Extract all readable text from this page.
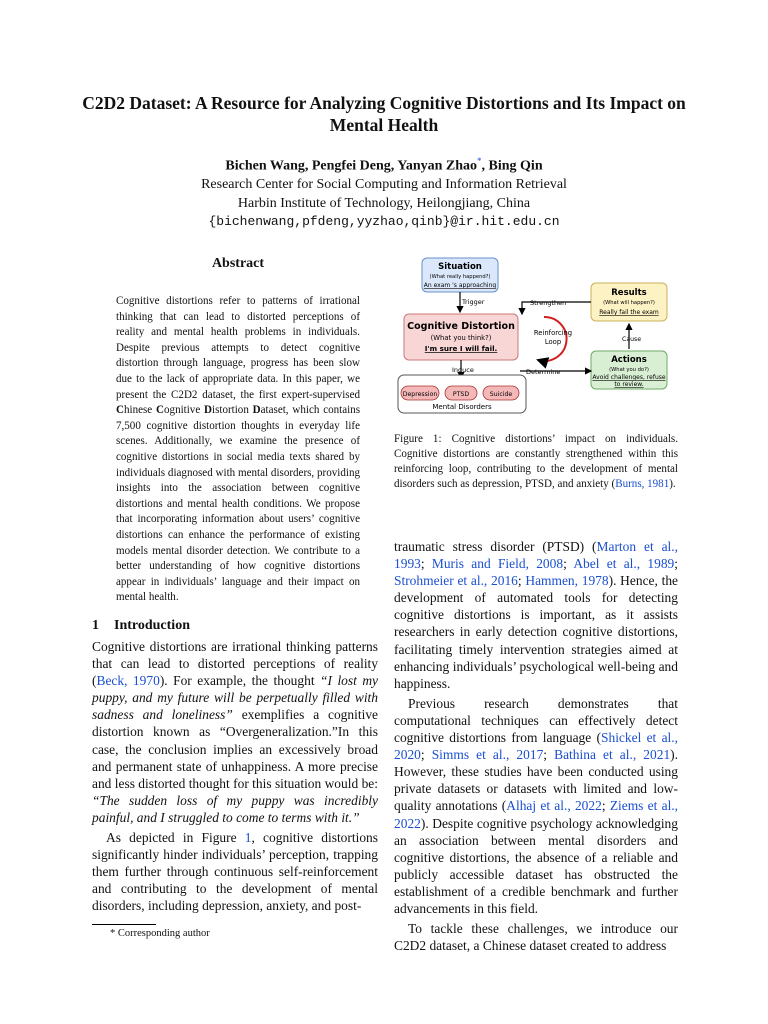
C2D2 Dataset: A Resource for Analyzing Cognitive Distortions and Its Impact on Mental Health
Bichen Wang, Pengfei Deng, Yanyan Zhao*, Bing Qin
Research Center for Social Computing and Information Retrieval
Harbin Institute of Technology, Heilongjiang, China
{bichenwang,pfdeng,yyzhao,qinb}@ir.hit.edu.cn
Abstract
Cognitive distortions refer to patterns of irrational thinking that can lead to distorted perceptions of reality and mental health problems in individuals. Despite previous attempts to detect cognitive distortion through language, progress has been slow due to the lack of appropriate data. In this paper, we present the C2D2 dataset, the first expert-supervised Chinese Cognitive Distortion Dataset, which contains 7,500 cognitive distortion thoughts in everyday life scenes. Additionally, we examine the presence of cognitive distortions in social media texts shared by individuals diagnosed with mental disorders, providing insights into the association between cognitive distortions and mental health conditions. We propose that incorporating information about users’ cognitive distortions can enhance the performance of existing models mental disorder detection. We contribute to a better understanding of how cognitive distortions appear in individuals’ language and their impact on mental health.
1 Introduction

Cognitive distortions are irrational thinking patterns that can lead to distorted perceptions of reality (Beck, 1970). For example, the thought “I lost my puppy, and my future will be perpetually filled with sadness and loneliness” exemplifies a cognitive distortion known as “Overgeneralization.”In this case, the conclusion implies an excessively broad and permanent state of unhappiness. A more precise and less distorted thought for this situation would be: “The sudden loss of my puppy was incredibly painful, and I struggled to come to terms with it.”

As depicted in Figure 1, cognitive distortions significantly hinder individuals’ perception, trapping them further through continuous self-reinforcement and contributing to the development of mental disorders, including depression, anxiety, and post-

* Corresponding author
Situation
(What really happend?)
An exam 's approaching
Trigger
Results
(What will happen?)
Really fail the exam
Strengthen
Cognitive Distortion
(What you think?)
I'm sure I will fail.
Reinforcing
Loop	Cause
Actions
(What you do?)
Avoid challenges, refuse
to review.
Determine
Induce
Depression	PTSD	Suicide
Mental Disorders
Figure 1: Cognitive distortions’ impact on individuals. Cognitive distortions are constantly strengthened within this reinforcing loop, contributing to the development of mental disorders such as depression, PTSD, and anxiety (Burns, 1981).

traumatic stress disorder (PTSD) (Marton et al., 1993; Muris and Field, 2008; Abel et al., 1989; Strohmeier et al., 2016; Hammen, 1978). Hence, the development of automated tools for detecting cognitive distortions is important, as it assists researchers in early detection cognitive distortions, facilitating timely intervention strategies aimed at enhancing individuals’ psychological well-being and happiness.

Previous research demonstrates that computational techniques can effectively detect cognitive distortions from language (Shickel et al., 2020; Simms et al., 2017; Bathina et al., 2021). However, these studies have been conducted using private datasets or datasets with limited and low-quality annotations (Alhaj et al., 2022; Ziems et al., 2022). Despite cognitive psychology acknowledging an association between mental disorders and cognitive distortions, the absence of a reliable and publicly accessible dataset has obstructed the establishment of a credible benchmark and further advancements in this field.

To tackle these challenges, we introduce our C2D2 dataset, a Chinese dataset created to address
